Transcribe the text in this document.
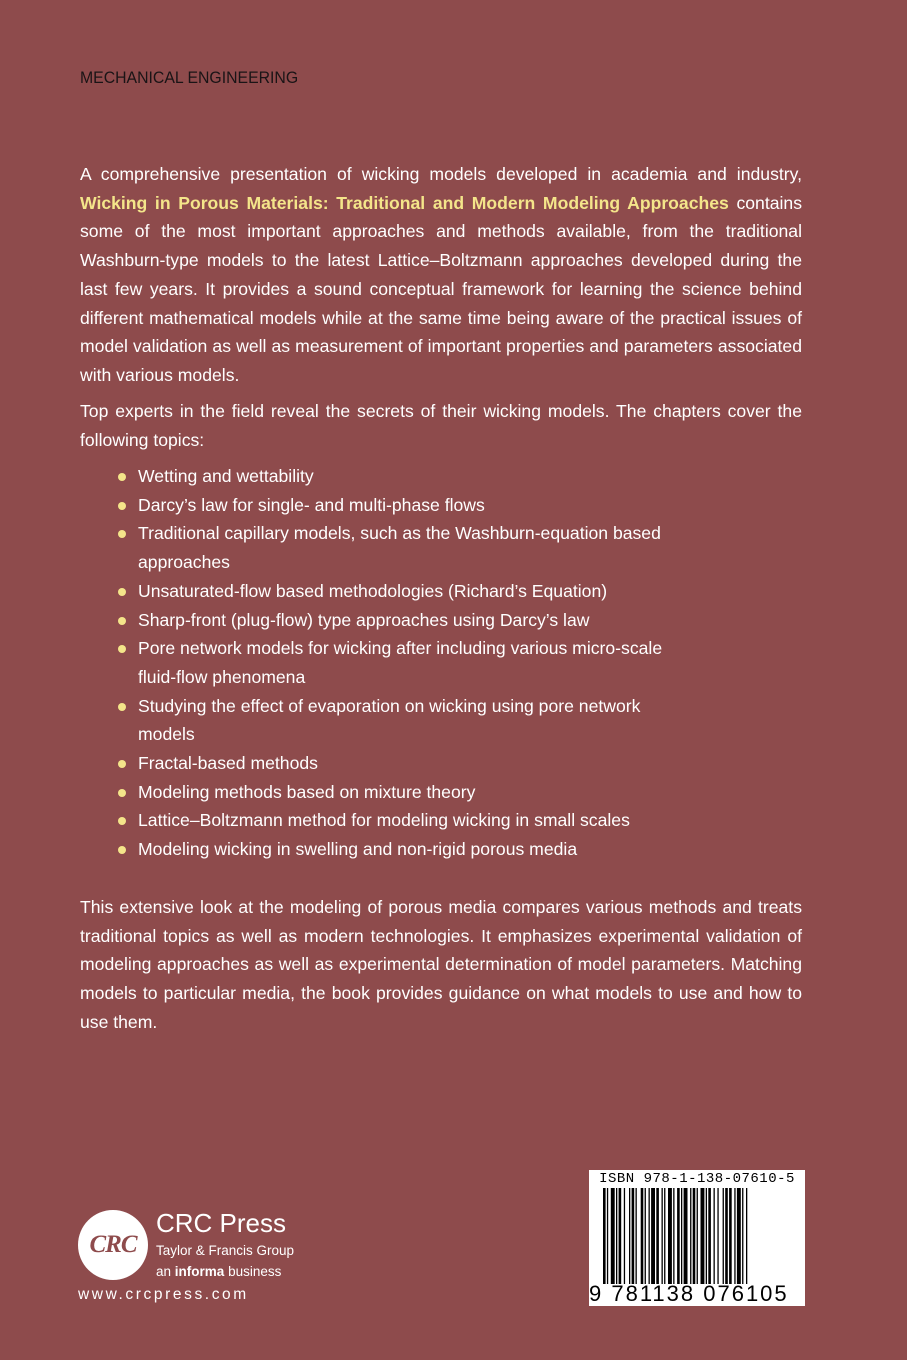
MECHANICAL ENGINEERING
A comprehensive presentation of wicking models developed in academia and industry, Wicking in Porous Materials: Traditional and Modern Modeling Approaches contains some of the most important approaches and methods available, from the traditional Washburn-type models to the latest Lattice–Boltzmann approaches developed during the last few years. It provides a sound conceptual framework for learning the science behind different mathematical models while at the same time being aware of the practical issues of model validation as well as measurement of important properties and parameters associated with various models.
Top experts in the field reveal the secrets of their wicking models. The chapters cover the following topics:
Wetting and wettability
Darcy’s law for single- and multi-phase flows
Traditional capillary models, such as the Washburn-equation based approaches
Unsaturated-flow based methodologies (Richard’s Equation)
Sharp-front (plug-flow) type approaches using Darcy’s law
Pore network models for wicking after including various micro-scale fluid-flow phenomena
Studying the effect of evaporation on wicking using pore network models
Fractal-based methods
Modeling methods based on mixture theory
Lattice–Boltzmann method for modeling wicking in small scales
Modeling wicking in swelling and non-rigid porous media
This extensive look at the modeling of porous media compares various methods and treats traditional topics as well as modern technologies. It emphasizes experimental validation of modeling approaches as well as experimental determination of model parameters. Matching models to particular media, the book provides guidance on what models to use and how to use them.
CRC
CRC Press
Taylor & Francis Group
an informa business
www.crcpress.com
ISBN 978-1-138-07610-5
9 781138 076105
